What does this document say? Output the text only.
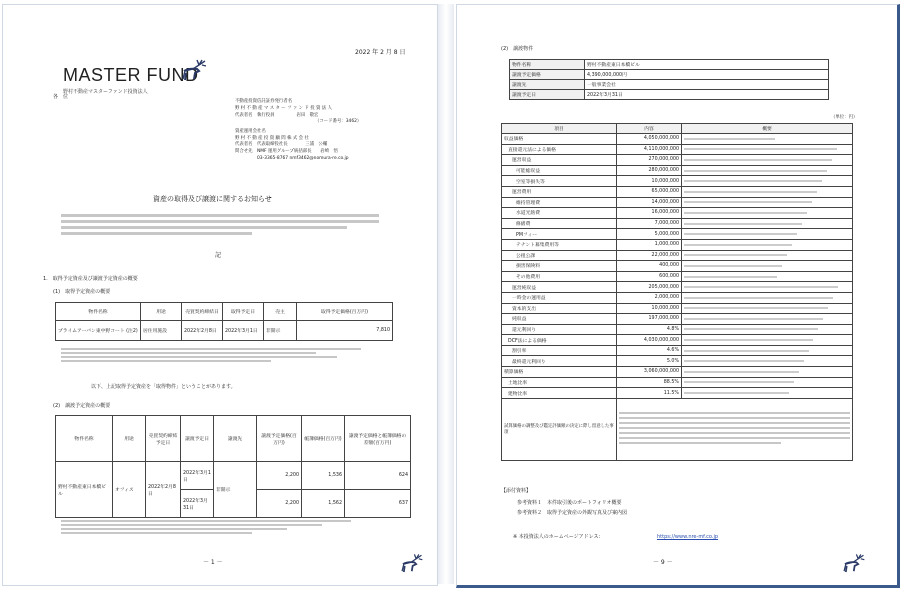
2022 年 2 月 8 日
MASTER FUND
野村不動産マスターファンド投資法人
各　位
不動産投資信託証券発行者名
野 村 不 動 産 マ ス タ ー フ ァ ン ド 投 資 法 人
代表者名　執行役員　　　　　岩田　敬宏
（コード番号：3462）
資産運用会社名
野 村 不 動 産 投 資 顧 問 株 式 会 社
代表者名　代表取締役社長　　　　三浦　公輔
問合せ先　NMF 運用グループ統括部長　　岩崎　悟
03-3365-8767 nmf3462@nomura-re.co.jp
資産の取得及び譲渡に関するお知らせ
記
1.　取得予定資産及び譲渡予定資産の概要
(1)　取得予定資産の概要
物件名称	用途	売買契約締結日	取得予定日	売主	取得予定価格(百万円)
プライムアーバン東中野コート (注2)	居住用施設	2022年2月8日	2022年3月1日	非開示	7,810
以下、上記取得予定資産を「取得物件」ということがあります。
(2)　譲渡予定資産の概要
物件名称	用途	売買契約締結予定日	譲渡予定日	譲渡先	譲渡予定価格(百万円)	帳簿価格(百万円)	譲渡予定価格と帳簿価格の差額(百万円)
野村不動産東日本橋ビル	オフィス	2022年2月8日	2022年3月1日	非開示	2,200	1,536	624
			2022年3月31日		2,200	1,562	637
－ 1 －
(2)　譲渡物件
物件名称	野村不動産東日本橋ビル
譲渡予定価格	4,390,000,000円
譲渡先	一般事業会社
譲渡予定日	2022年3月31日
（単位：円）
項目	内容	概要
収益価格	4,050,000,000	

直接還元法による価格	4,110,000,000	

運営収益	270,000,000	

可能総収益	280,000,000	

空室等損失等	10,000,000	

運営費用	65,000,000	

維持管理費	14,000,000	

水道光熱費	16,000,000	

修繕費	7,000,000	

PMフィー	5,000,000	

テナント募集費用等	1,000,000	

公租公課	22,000,000	

損害保険料	400,000	

その他費用	600,000	

運営純収益	205,000,000	

一時金の運用益	2,000,000	

資本的支出	10,000,000	

純収益	197,000,000	

還元利回り	4.8%	

DCF法による価格	4,030,000,000	

割引率	4.6%	

最終還元利回り	5.0%	

積算価格	3,060,000,000	

土地比率	88.5%	

建物比率	11.5%	

試算価格の調整及び鑑定評価額の決定に際し留意した事項		
【添付資料】
参考資料１　本件取引後のポートフォリオ概要
参考資料２　取得予定資産の外観写真及び案内図
※ 本投資法人のホームページアドレス：	https://www.nre-mf.co.jp
－ 9 －
